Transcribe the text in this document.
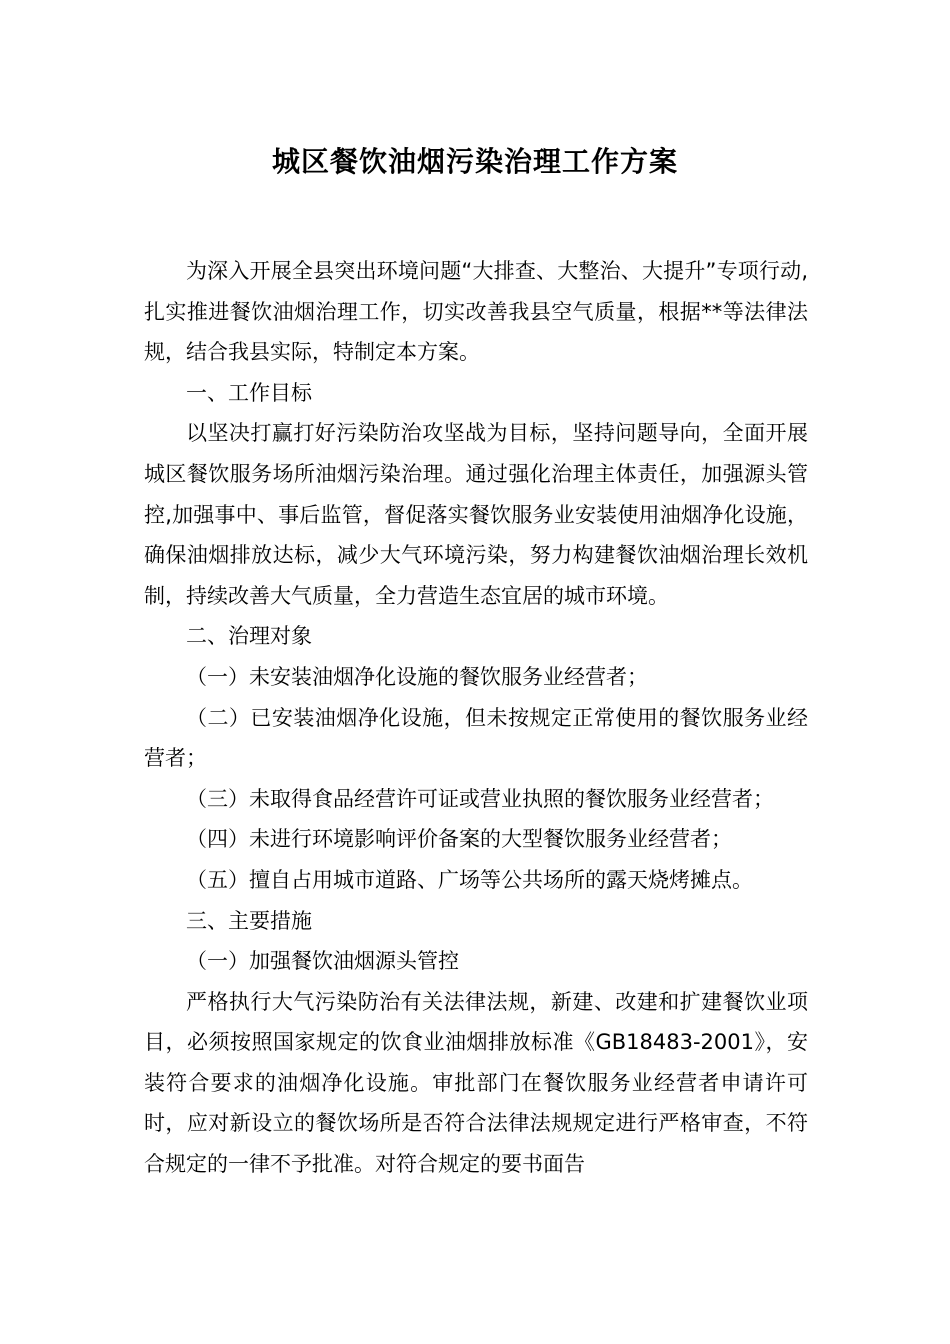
城区餐饮油烟污染治理工作方案

为深入开展全县突出环境问题“大排查、大整治、大提升”专项行动,扎实推进餐饮油烟治理工作，切实改善我县空气质量，根据**等法律法规，结合我县实际，特制定本方案。

一、工作目标

以坚决打赢打好污染防治攻坚战为目标，坚持问题导向，全面开展城区餐饮服务场所油烟污染治理。通过强化治理主体责任，加强源头管控,加强事中、事后监管，督促落实餐饮服务业安装使用油烟净化设施，确保油烟排放达标，减少大气环境污染，努力构建餐饮油烟治理长效机制，持续改善大气质量，全力营造生态宜居的城市环境。

二、治理对象

（一）未安装油烟净化设施的餐饮服务业经营者；

（二）已安装油烟净化设施，但未按规定正常使用的餐饮服务业经营者；

（三）未取得食品经营许可证或营业执照的餐饮服务业经营者；

（四）未进行环境影响评价备案的大型餐饮服务业经营者；

（五）擅自占用城市道路、广场等公共场所的露天烧烤摊点。

三、主要措施

（一）加强餐饮油烟源头管控

严格执行大气污染防治有关法律法规，新建、改建和扩建餐饮业项目，必须按照国家规定的饮食业油烟排放标准《GB18483-2001》，安装符合要求的油烟净化设施。审批部门在餐饮服务业经营者申请许可时，应对新设立的餐饮场所是否符合法律法规规定进行严格审查，不符合规定的一律不予批准。对符合规定的要书面告
